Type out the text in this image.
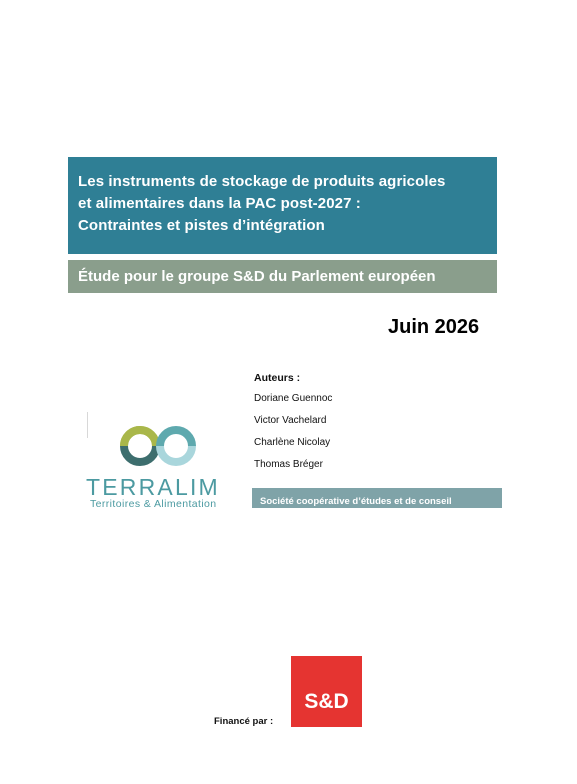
Les instruments de stockage de produits agricoles
et alimentaires dans la PAC post-2027 :
Contraintes et pistes d’intégration
Étude pour le groupe S&D du Parlement européen
Juin 2026
Auteurs :
Doriane Guennoc
Victor Vachelard
Charlène Nicolay
Thomas Bréger
Société coopérative d’études et de conseil
TERRALIM
Territoires & Alimentation
Financé par :
S&D
